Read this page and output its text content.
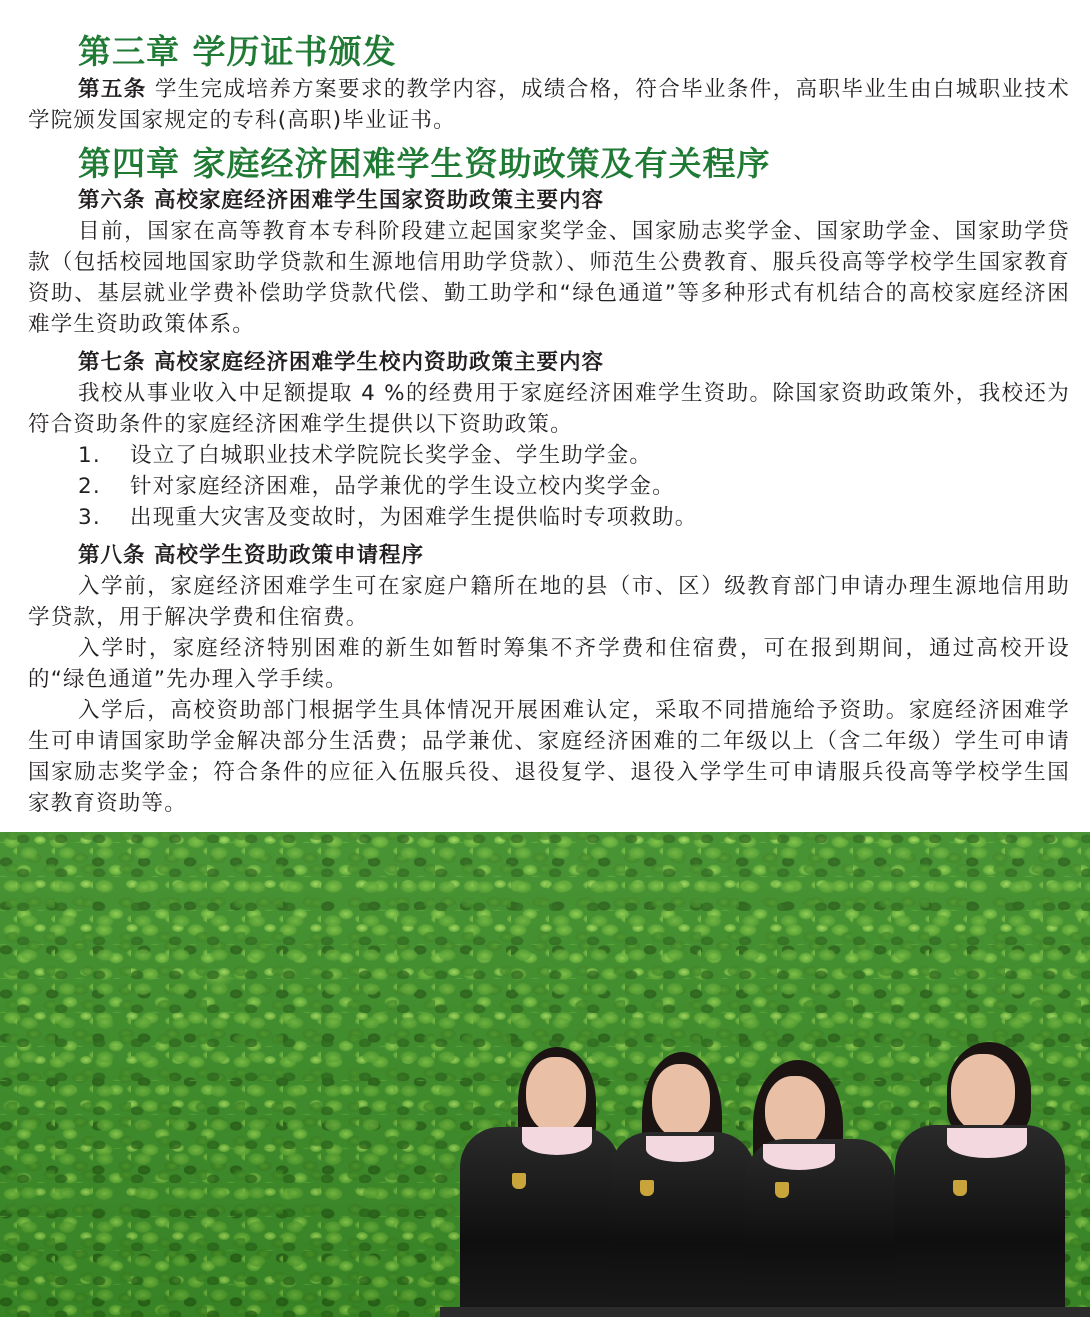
第三章 学历证书颁发

第五条 学生完成培养方案要求的教学内容，成绩合格，符合毕业条件，高职毕业生由白城职业技术学院颁发国家规定的专科(高职)毕业证书。

第四章 家庭经济困难学生资助政策及有关程序
第六条 高校家庭经济困难学生国家资助政策主要内容

目前，国家在高等教育本专科阶段建立起国家奖学金、国家励志奖学金、国家助学金、国家助学贷款（包括校园地国家助学贷款和生源地信用助学贷款）、师范生公费教育、服兵役高等学校学生国家教育资助、基层就业学费补偿助学贷款代偿、勤工助学和“绿色通道”等多种形式有机结合的高校家庭经济困难学生资助政策体系。

第七条 高校家庭经济困难学生校内资助政策主要内容

我校从事业收入中足额提取 4 %的经费用于家庭经济困难学生资助。除国家资助政策外，我校还为符合资助条件的家庭经济困难学生提供以下资助政策。

1.	设立了白城职业技术学院院长奖学金、学生助学金。
2.	针对家庭经济困难，品学兼优的学生设立校内奖学金。
3.	出现重大灾害及变故时，为困难学生提供临时专项救助。
第八条 高校学生资助政策申请程序

入学前，家庭经济困难学生可在家庭户籍所在地的县（市、区）级教育部门申请办理生源地信用助学贷款，用于解决学费和住宿费。

入学时，家庭经济特别困难的新生如暂时筹集不齐学费和住宿费，可在报到期间，通过高校开设的“绿色通道”先办理入学手续。

入学后，高校资助部门根据学生具体情况开展困难认定，采取不同措施给予资助。家庭经济困难学生可申请国家助学金解决部分生活费；品学兼优、家庭经济困难的二年级以上（含二年级）学生可申请国家励志奖学金；符合条件的应征入伍服兵役、退役复学、退役入学学生可申请服兵役高等学校学生国家教育资助等。
